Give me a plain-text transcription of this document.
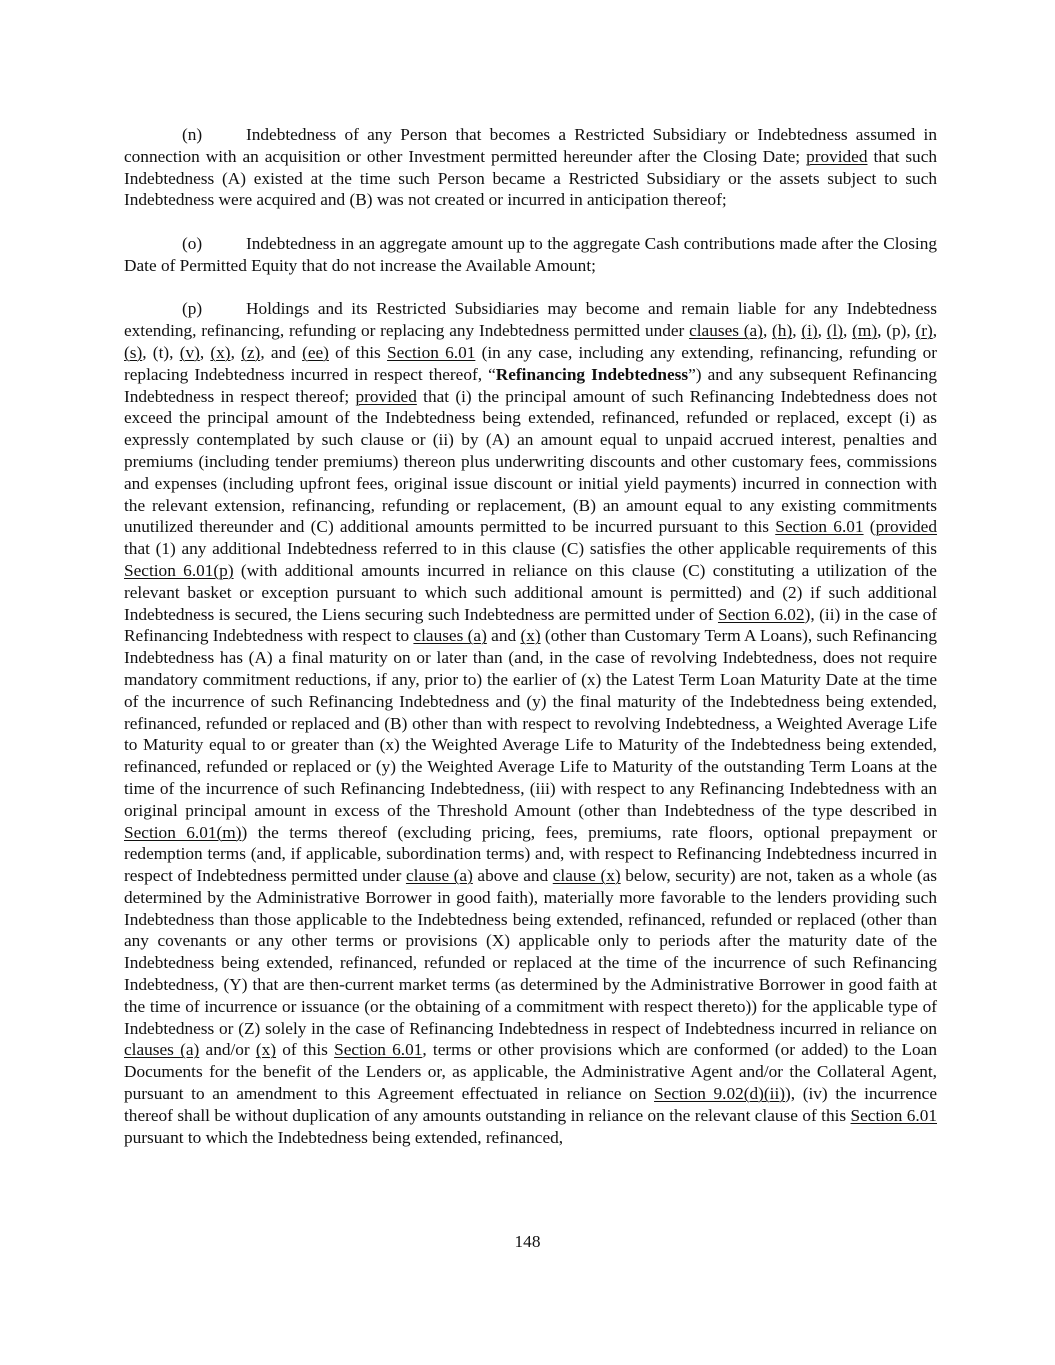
(n)	Indebtedness of any Person that becomes a Restricted Subsidiary or Indebtedness assumed in connection with an acquisition or other Investment permitted hereunder after the Closing Date; provided that such Indebtedness (A) existed at the time such Person became a Restricted Subsidiary or the assets subject to such Indebtedness were acquired and (B) was not created or incurred in anticipation thereof;

(o)	Indebtedness in an aggregate amount up to the aggregate Cash contributions made after the Closing Date of Permitted Equity that do not increase the Available Amount;

(p)	Holdings and its Restricted Subsidiaries may become and remain liable for any Indebtedness extending, refinancing, refunding or replacing any Indebtedness permitted under clauses (a), (h), (i), (l), (m), (p), (r), (s), (t), (v), (x), (z), and (ee) of this Section 6.01 (in any case, including any extending, refinancing, refunding or replacing Indebtedness incurred in respect thereof, “Refinancing Indebtedness”) and any subsequent Refinancing Indebtedness in respect thereof; provided that (i) the principal amount of such Refinancing Indebtedness does not exceed the principal amount of the Indebtedness being extended, refinanced, refunded or replaced, except (i) as expressly contemplated by such clause or (ii) by (A) an amount equal to unpaid accrued interest, penalties and premiums (including tender premiums) thereon plus underwriting discounts and other customary fees, commissions and expenses (including upfront fees, original issue discount or initial yield payments) incurred in connection with the relevant extension, refinancing, refunding or replacement, (B) an amount equal to any existing commitments unutilized thereunder and (C) additional amounts permitted to be incurred pursuant to this Section 6.01 (provided that (1) any additional Indebtedness referred to in this clause (C) satisfies the other applicable requirements of this Section 6.01(p) (with additional amounts incurred in reliance on this clause (C) constituting a utilization of the relevant basket or exception pursuant to which such additional amount is permitted) and (2) if such additional Indebtedness is secured, the Liens securing such Indebtedness are permitted under of Section 6.02), (ii) in the case of Refinancing Indebtedness with respect to clauses (a) and (x) (other than Customary Term A Loans), such Refinancing Indebtedness has (A) a final maturity on or later than (and, in the case of revolving Indebtedness, does not require mandatory commitment reductions, if any, prior to) the earlier of (x) the Latest Term Loan Maturity Date at the time of the incurrence of such Refinancing Indebtedness and (y) the final maturity of the Indebtedness being extended, refinanced, refunded or replaced and (B) other than with respect to revolving Indebtedness, a Weighted Average Life to Maturity equal to or greater than (x) the Weighted Average Life to Maturity of the Indebtedness being extended, refinanced, refunded or replaced or (y) the Weighted Average Life to Maturity of the outstanding Term Loans at the time of the incurrence of such Refinancing Indebtedness, (iii) with respect to any Refinancing Indebtedness with an original principal amount in excess of the Threshold Amount (other than Indebtedness of the type described in Section 6.01(m)) the terms thereof (excluding pricing, fees, premiums, rate floors, optional prepayment or redemption terms (and, if applicable, subordination terms) and, with respect to Refinancing Indebtedness incurred in respect of Indebtedness permitted under clause (a) above and clause (x) below, security) are not, taken as a whole (as determined by the Administrative Borrower in good faith), materially more favorable to the lenders providing such Indebtedness than those applicable to the Indebtedness being extended, refinanced, refunded or replaced (other than any covenants or any other terms or provisions (X) applicable only to periods after the maturity date of the Indebtedness being extended, refinanced, refunded or replaced at the time of the incurrence of such Refinancing Indebtedness, (Y) that are then-current market terms (as determined by the Administrative Borrower in good faith at the time of incurrence or issuance (or the obtaining of a commitment with respect thereto)) for the applicable type of Indebtedness or (Z) solely in the case of Refinancing Indebtedness in respect of Indebtedness incurred in reliance on clauses (a) and/or (x) of this Section 6.01, terms or other provisions which are conformed (or added) to the Loan Documents for the benefit of the Lenders or, as applicable, the Administrative Agent and/or the Collateral Agent, pursuant to an amendment to this Agreement effectuated in reliance on Section 9.02(d)(ii)), (iv) the incurrence thereof shall be without duplication of any amounts outstanding in reliance on the relevant clause of this Section 6.01 pursuant to which the Indebtedness being extended, refinanced,

148
